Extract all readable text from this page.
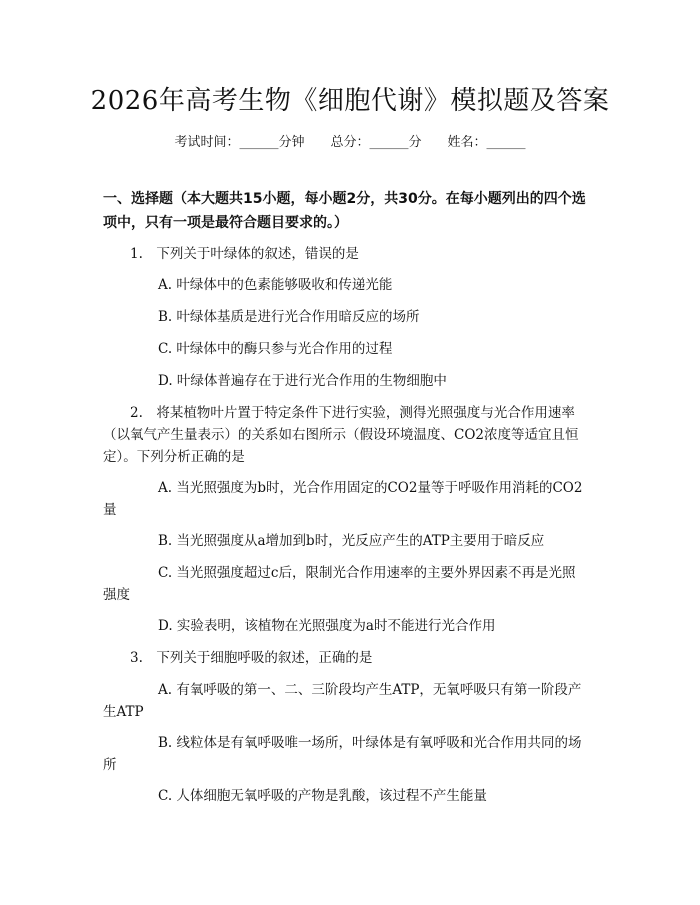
2026年高考生物《细胞代谢》模拟题及答案
考试时间：______分钟 总分：______分 姓名：______
一、选择题（本大题共15小题，每小题2分，共30分。在每小题列出的四个选
项中，只有一项是最符合题目要求的。）
1.　下列关于叶绿体的叙述，错误的是
A. 叶绿体中的色素能够吸收和传递光能
B. 叶绿体基质是进行光合作用暗反应的场所
C. 叶绿体中的酶只参与光合作用的过程
D. 叶绿体普遍存在于进行光合作用的生物细胞中
2.　将某植物叶片置于特定条件下进行实验，测得光照强度与光合作用速率
（以氧气产生量表示）的关系如右图所示（假设环境温度、CO2浓度等适宜且恒
定）。下列分析正确的是
A. 当光照强度为b时，光合作用固定的CO2量等于呼吸作用消耗的CO2
量
B. 当光照强度从a增加到b时，光反应产生的ATP主要用于暗反应
C. 当光照强度超过c后，限制光合作用速率的主要外界因素不再是光照
强度
D. 实验表明，该植物在光照强度为a时不能进行光合作用
3.　下列关于细胞呼吸的叙述，正确的是
A. 有氧呼吸的第一、二、三阶段均产生ATP，无氧呼吸只有第一阶段产
生ATP
B. 线粒体是有氧呼吸唯一场所，叶绿体是有氧呼吸和光合作用共同的场
所
C. 人体细胞无氧呼吸的产物是乳酸，该过程不产生能量
